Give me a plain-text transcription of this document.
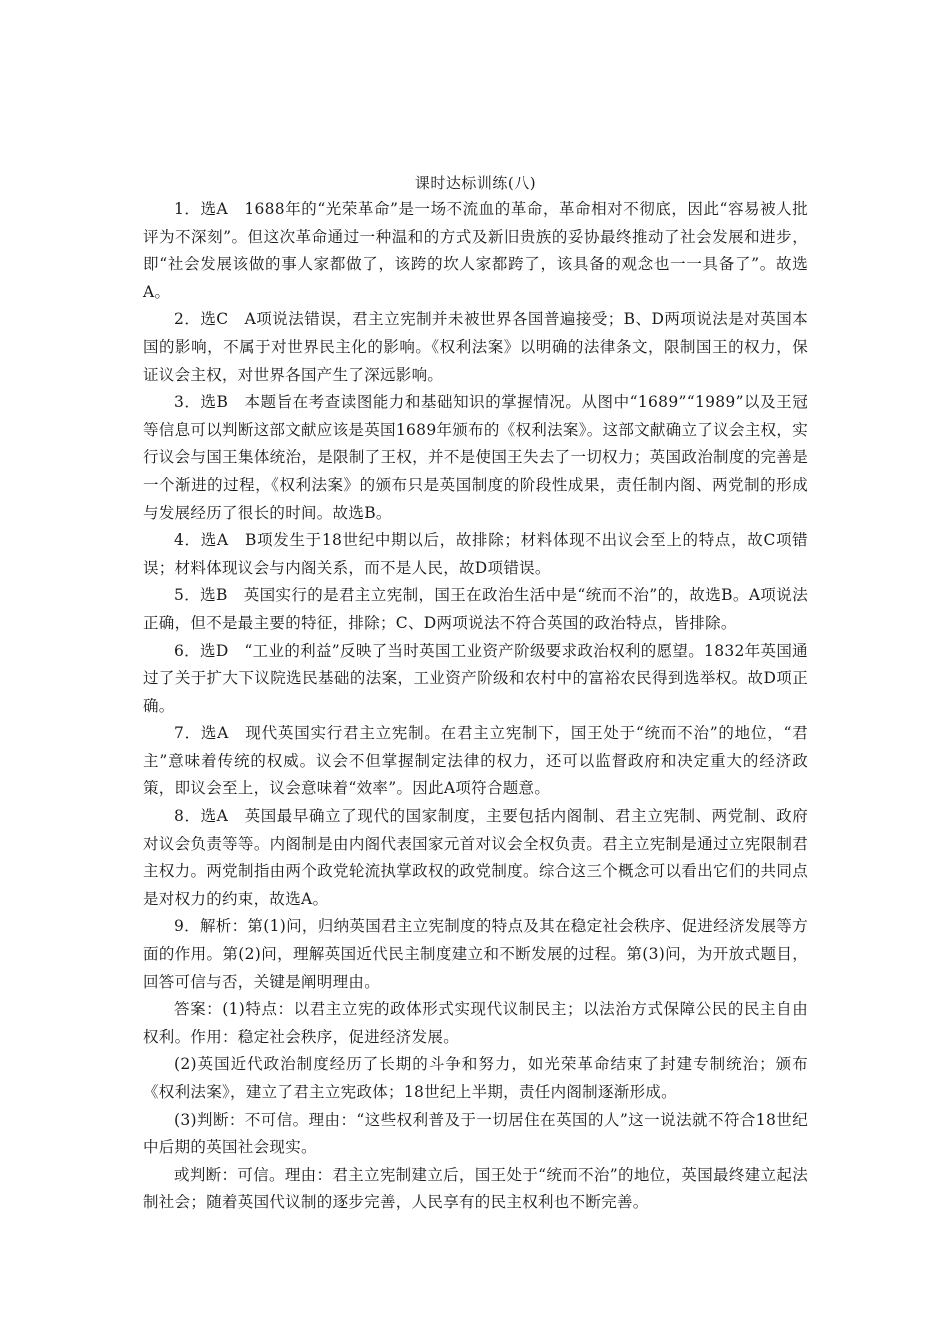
课时达标训练(八)

1．选A　1688年的“光荣革命”是一场不流血的革命，革命相对不彻底，因此“容易被人批评为不深刻”。但这次革命通过一种温和的方式及新旧贵族的妥协最终推动了社会发展和进步，即“社会发展该做的事人家都做了，该跨的坎人家都跨了，该具备的观念也一一具备了”。故选A。

2．选C　A项说法错误，君主立宪制并未被世界各国普遍接受；B、D两项说法是对英国本国的影响，不属于对世界民主化的影响。《权利法案》以明确的法律条文，限制国王的权力，保证议会主权，对世界各国产生了深远影响。

3．选B　本题旨在考查读图能力和基础知识的掌握情况。从图中“1689”“1989”以及王冠等信息可以判断这部文献应该是英国1689年颁布的《权利法案》。这部文献确立了议会主权，实行议会与国王集体统治，是限制了王权，并不是使国王失去了一切权力；英国政治制度的完善是一个渐进的过程，《权利法案》的颁布只是英国制度的阶段性成果，责任制内阁、两党制的形成与发展经历了很长的时间。故选B。

4．选A　B项发生于18世纪中期以后，故排除；材料体现不出议会至上的特点，故C项错误；材料体现议会与内阁关系，而不是人民，故D项错误。

5．选B　英国实行的是君主立宪制，国王在政治生活中是“统而不治”的，故选B。A项说法正确，但不是最主要的特征，排除；C、D两项说法不符合英国的政治特点，皆排除。

6．选D　“工业的利益”反映了当时英国工业资产阶级要求政治权利的愿望。1832年英国通过了关于扩大下议院选民基础的法案，工业资产阶级和农村中的富裕农民得到选举权。故D项正确。

7．选A　现代英国实行君主立宪制。在君主立宪制下，国王处于“统而不治”的地位，“君主”意味着传统的权威。议会不但掌握制定法律的权力，还可以监督政府和决定重大的经济政策，即议会至上，议会意味着“效率”。因此A项符合题意。

8．选A　英国最早确立了现代的国家制度，主要包括内阁制、君主立宪制、两党制、政府对议会负责等等。内阁制是由内阁代表国家元首对议会全权负责。君主立宪制是通过立宪限制君主权力。两党制指由两个政党轮流执掌政权的政党制度。综合这三个概念可以看出它们的共同点是对权力的约束，故选A。

9．解析：第(1)问，归纳英国君主立宪制度的特点及其在稳定社会秩序、促进经济发展等方面的作用。第(2)问，理解英国近代民主制度建立和不断发展的过程。第(3)问，为开放式题目，回答可信与否，关键是阐明理由。

答案：(1)特点：以君主立宪的政体形式实现代议制民主；以法治方式保障公民的民主自由权利。作用：稳定社会秩序，促进经济发展。

(2)英国近代政治制度经历了长期的斗争和努力，如光荣革命结束了封建专制统治；颁布《权利法案》，建立了君主立宪政体；18世纪上半期，责任内阁制逐渐形成。

(3)判断：不可信。理由：“这些权利普及于一切居住在英国的人”这一说法就不符合18世纪中后期的英国社会现实。

或判断：可信。理由：君主立宪制建立后，国王处于“统而不治”的地位，英国最终建立起法制社会；随着英国代议制的逐步完善，人民享有的民主权利也不断完善。
